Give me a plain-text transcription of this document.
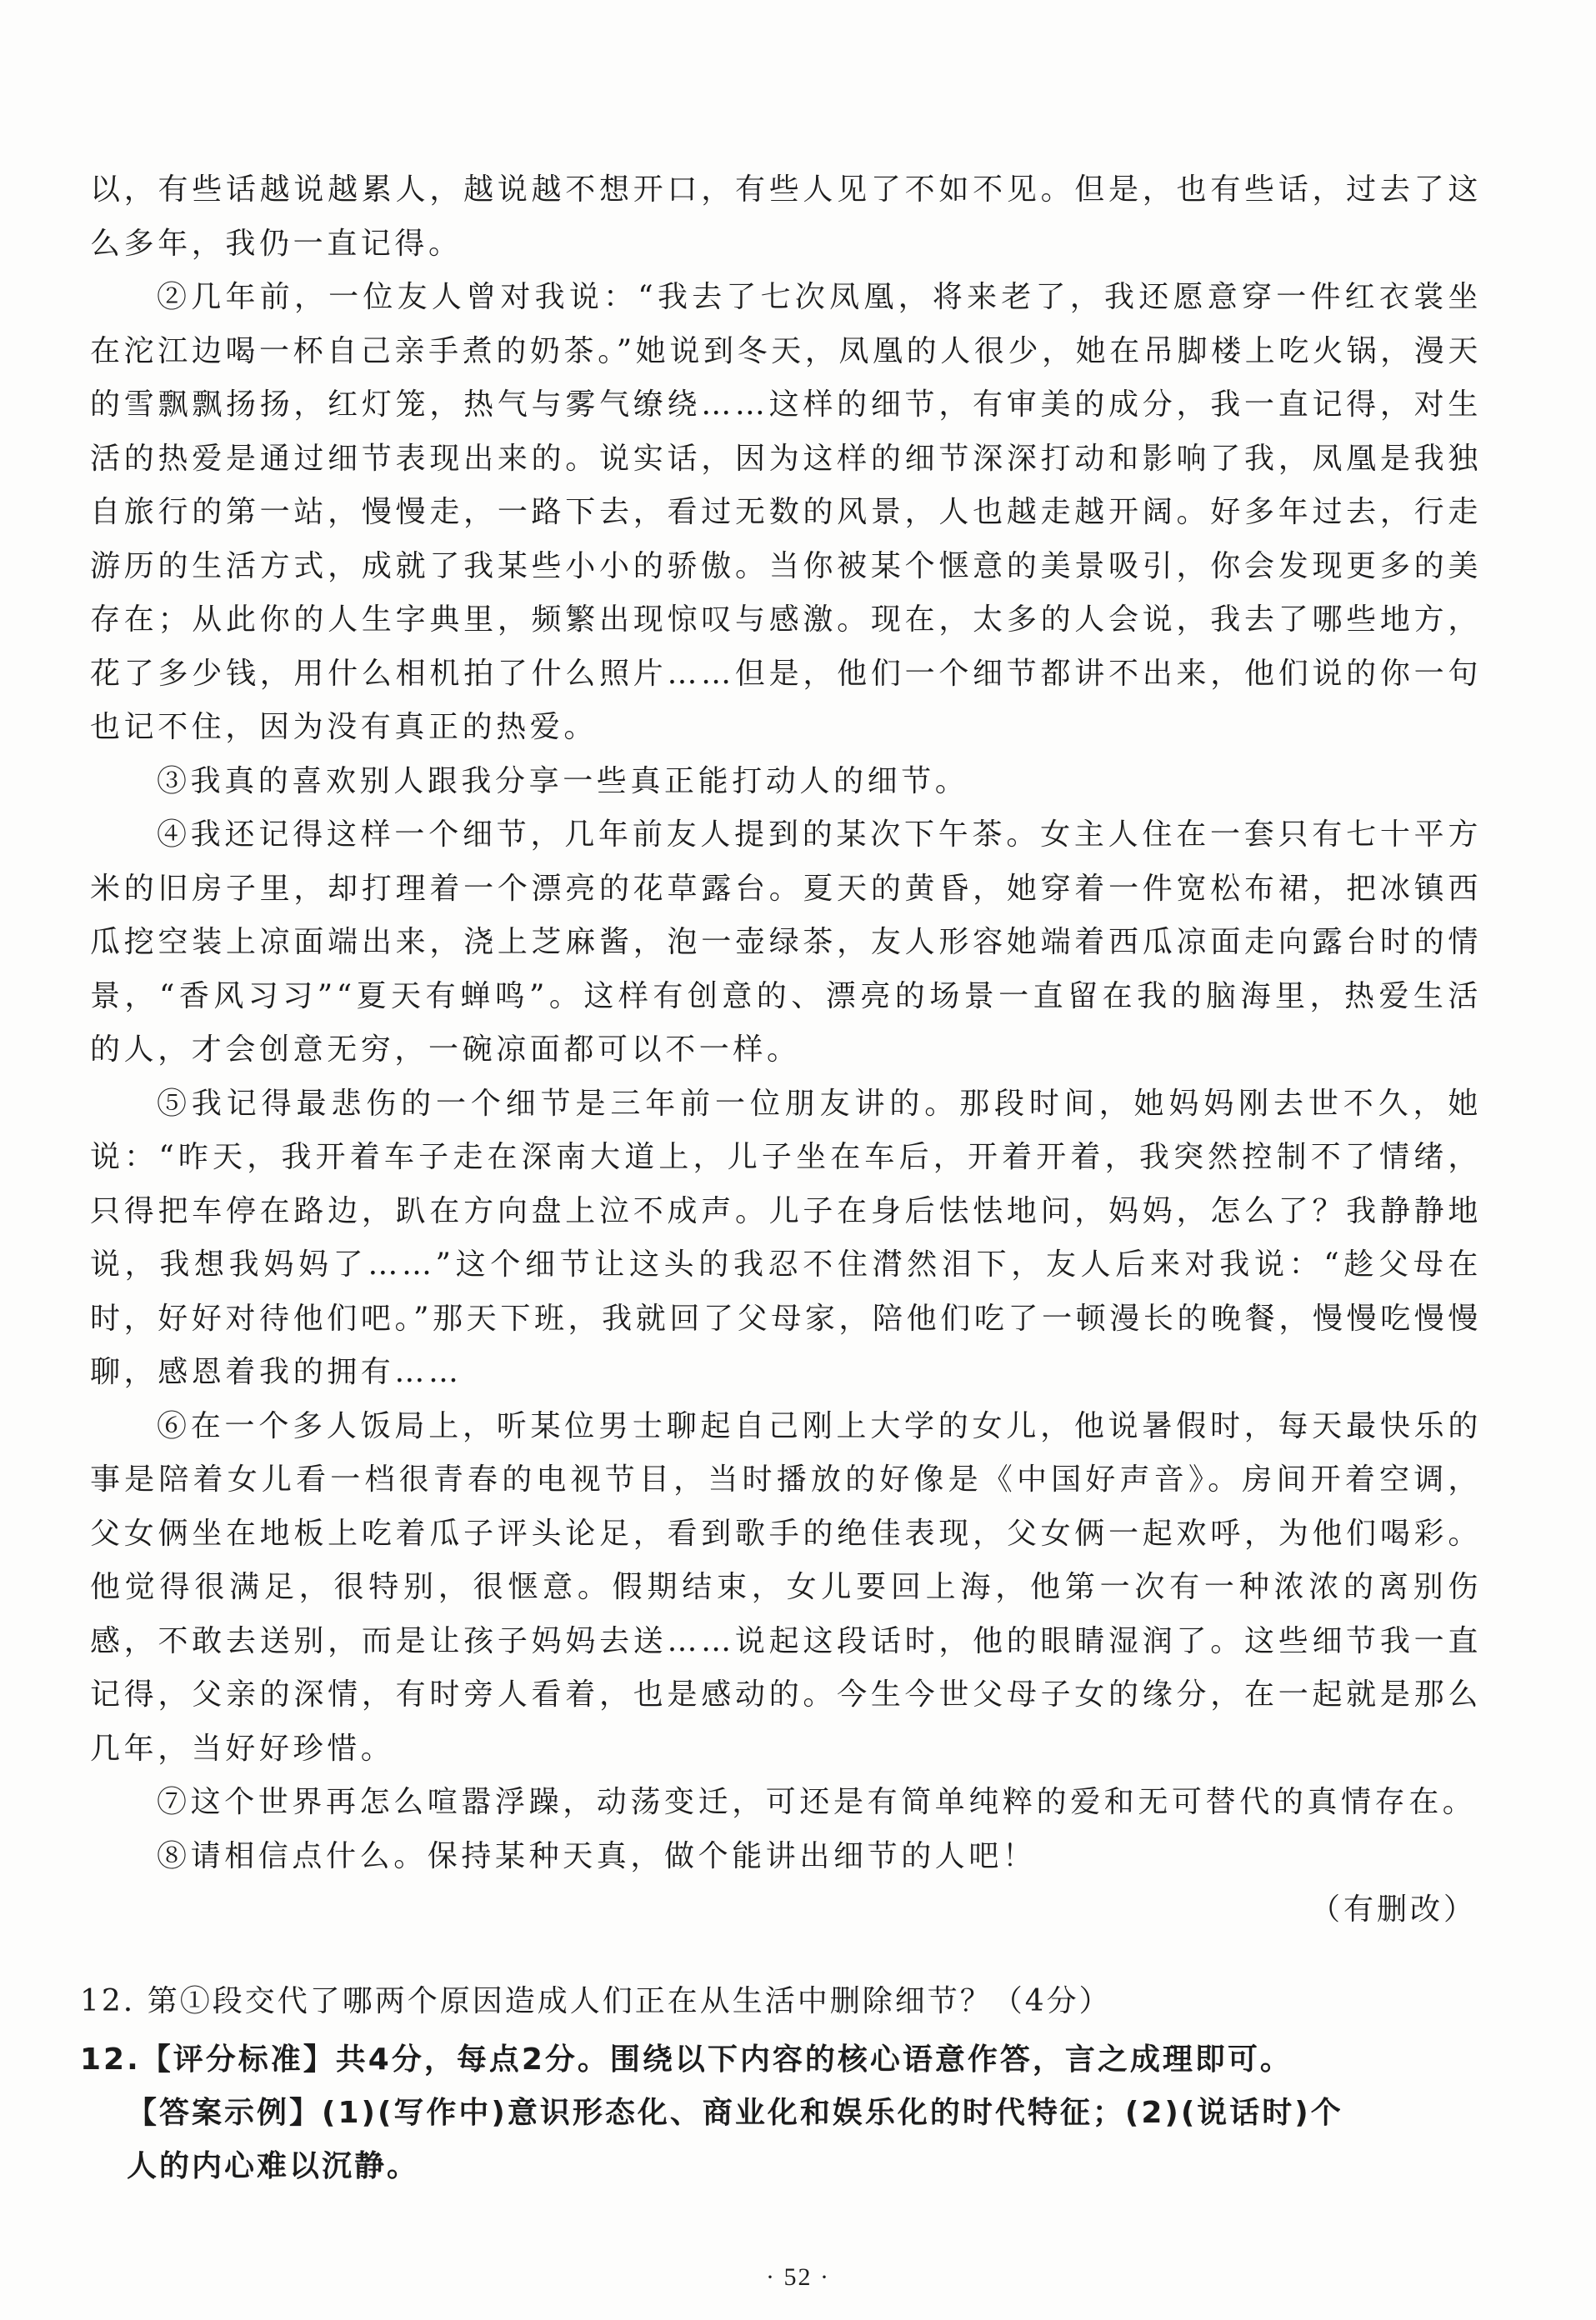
以，有些话越说越累人，越说越不想开口，有些人见了不如不见。但是，也有些话，过去了这么多年，我仍一直记得。

②几年前，一位友人曾对我说：“我去了七次凤凰，将来老了，我还愿意穿一件红衣裳坐在沱江边喝一杯自己亲手煮的奶茶。”她说到冬天，凤凰的人很少，她在吊脚楼上吃火锅，漫天的雪飘飘扬扬，红灯笼，热气与雾气缭绕……这样的细节，有审美的成分，我一直记得，对生活的热爱是通过细节表现出来的。说实话，因为这样的细节深深打动和影响了我，凤凰是我独自旅行的第一站，慢慢走，一路下去，看过无数的风景，人也越走越开阔。好多年过去，行走游历的生活方式，成就了我某些小小的骄傲。当你被某个惬意的美景吸引，你会发现更多的美存在；从此你的人生字典里，频繁出现惊叹与感激。现在，太多的人会说，我去了哪些地方，花了多少钱，用什么相机拍了什么照片……但是，他们一个细节都讲不出来，他们说的你一句也记不住，因为没有真正的热爱。

③我真的喜欢别人跟我分享一些真正能打动人的细节。

④我还记得这样一个细节，几年前友人提到的某次下午茶。女主人住在一套只有七十平方米的旧房子里，却打理着一个漂亮的花草露台。夏天的黄昏，她穿着一件宽松布裙，把冰镇西瓜挖空装上凉面端出来，浇上芝麻酱，泡一壶绿茶，友人形容她端着西瓜凉面走向露台时的情景，“香风习习”“夏天有蝉鸣”。这样有创意的、漂亮的场景一直留在我的脑海里，热爱生活的人，才会创意无穷，一碗凉面都可以不一样。

⑤我记得最悲伤的一个细节是三年前一位朋友讲的。那段时间，她妈妈刚去世不久，她说：“昨天，我开着车子走在深南大道上，儿子坐在车后，开着开着，我突然控制不了情绪，只得把车停在路边，趴在方向盘上泣不成声。儿子在身后怯怯地问，妈妈，怎么了？我静静地说，我想我妈妈了……”这个细节让这头的我忍不住潸然泪下，友人后来对我说：“趁父母在时，好好对待他们吧。”那天下班，我就回了父母家，陪他们吃了一顿漫长的晚餐，慢慢吃慢慢聊，感恩着我的拥有……

⑥在一个多人饭局上，听某位男士聊起自己刚上大学的女儿，他说暑假时，每天最快乐的事是陪着女儿看一档很青春的电视节目，当时播放的好像是《中国好声音》。房间开着空调，父女俩坐在地板上吃着瓜子评头论足，看到歌手的绝佳表现，父女俩一起欢呼，为他们喝彩。他觉得很满足，很特别，很惬意。假期结束，女儿要回上海，他第一次有一种浓浓的离别伤感，不敢去送别，而是让孩子妈妈去送……说起这段话时，他的眼睛湿润了。这些细节我一直记得，父亲的深情，有时旁人看着，也是感动的。今生今世父母子女的缘分，在一起就是那么几年，当好好珍惜。

⑦这个世界再怎么喧嚣浮躁，动荡变迁，可还是有简单纯粹的爱和无可替代的真情存在。

⑧请相信点什么。保持某种天真，做个能讲出细节的人吧！

（有删改）

12. 第①段交代了哪两个原因造成人们正在从生活中删除细节？（4分）

12.【评分标准】共4分，每点2分。围绕以下内容的核心语意作答，言之成理即可。

【答案示例】(1)(写作中)意识形态化、商业化和娱乐化的时代特征；(2)(说话时)个

人的内心难以沉静。

· 52 ·
